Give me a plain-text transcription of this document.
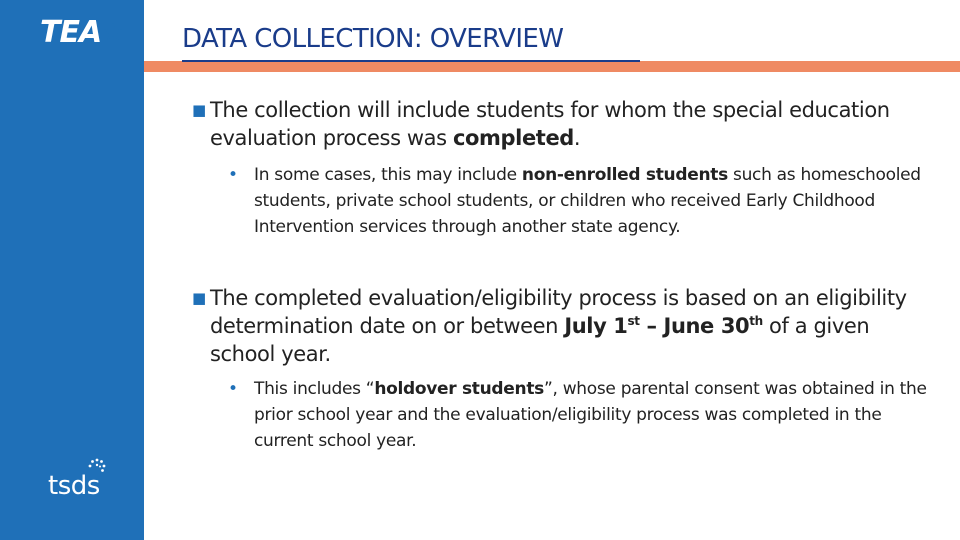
TEA
tsds
DATA COLLECTION: OVERVIEW
■ The collection will include students for whom the special education evaluation process was completed.
• In some cases, this may include non-enrolled students such as homeschooled students, private school students, or children who received Early Childhood Intervention services through another state agency.
■ The completed evaluation/eligibility process is based on an eligibility determination date on or between July 1st – June 30th of a given school year.
• This includes “holdover students”, whose parental consent was obtained in the prior school year and the evaluation/eligibility process was completed in the current school year.
